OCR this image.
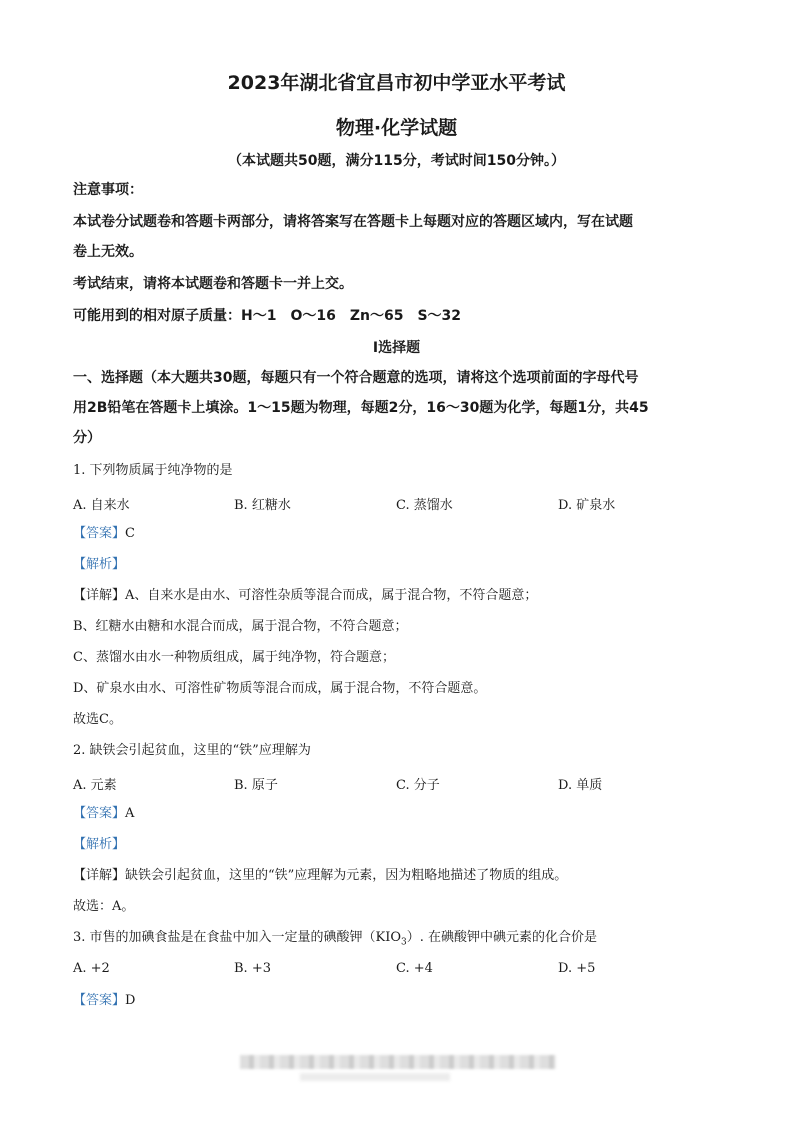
2023年湖北省宜昌市初中学亚水平考试
物理·化学试题
（本试题共50题，满分115分，考试时间150分钟。）
注意事项：
本试卷分试题卷和答题卡两部分，请将答案写在答题卡上每题对应的答题区域内，写在试题
卷上无效。
考试结束，请将本试题卷和答题卡一并上交。
可能用到的相对原子质量：H～1　O～16　Zn～65　S～32
Ⅰ选择题
一、选择题（本大题共30题，每题只有一个符合题意的选项，请将这个选项前面的字母代号
用2B铅笔在答题卡上填涂。1～15题为物理，每题2分，16～30题为化学，每题1分，共45
分）
1. 下列物质属于纯净物的是
A. 自来水	B. 红糖水	C. 蒸馏水	D. 矿泉水
【答案】C
【解析】
【详解】A、自来水是由水、可溶性杂质等混合而成，属于混合物，不符合题意；
B、红糖水由糖和水混合而成，属于混合物，不符合题意；
C、蒸馏水由水一种物质组成，属于纯净物，符合题意；
D、矿泉水由水、可溶性矿物质等混合而成，属于混合物，不符合题意。
故选C。
2. 缺铁会引起贫血，这里的“铁”应理解为
A. 元素	B. 原子	C. 分子	D. 单质
【答案】A
【解析】
【详解】缺铁会引起贫血，这里的“铁”应理解为元素，因为粗略地描述了物质的组成。
故选：A。
3. 市售的加碘食盐是在食盐中加入一定量的碘酸钾$(KIO_3)$. 在碘酸钾中碘元素的化合价是
A. +2	B. +3	C. +4	D. +5
【答案】D
